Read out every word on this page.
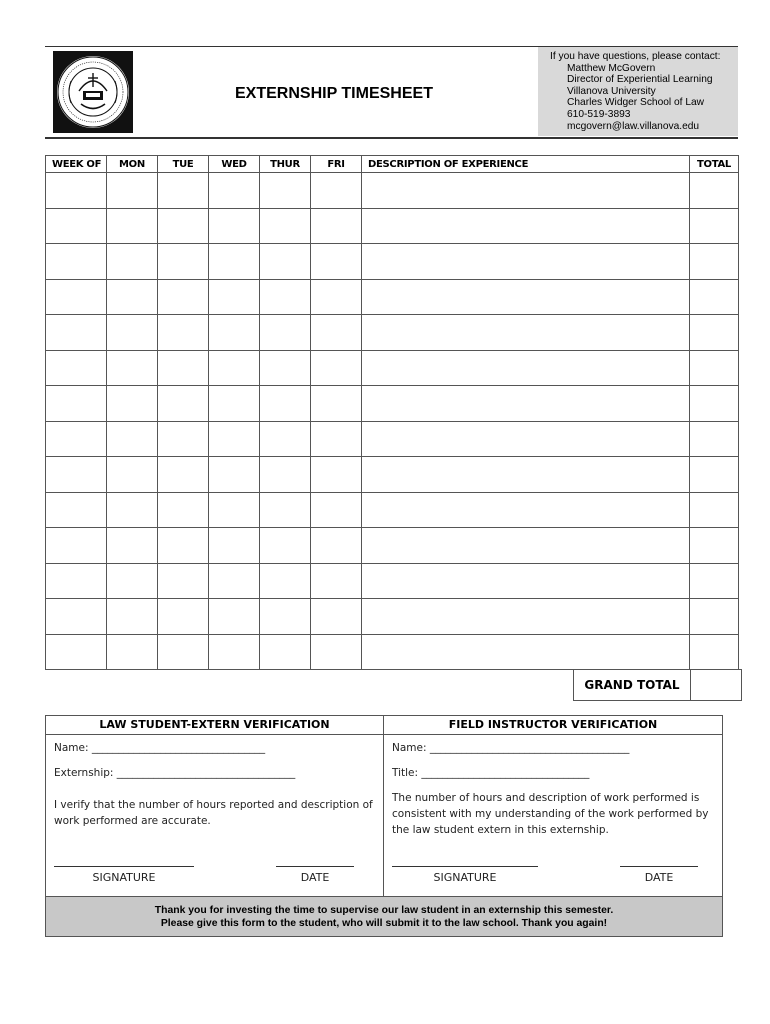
EXTERNSHIP TIMESHEET
If you have questions, please contact:
Matthew McGovern
Director of Experiential Learning
Villanova University
Charles Widger School of Law
610-519-3893
mcgovern@law.villanova.edu
WEEK OF	MON	TUE	WED	THUR	FRI	DESCRIPTION OF EXPERIENCE	TOTAL

GRAND TOTAL	
LAW STUDENT-EXTERN VERIFICATION
Name: _________________________________
Externship: __________________________________
I verify that the number of hours reported and description of work performed are accurate.
SIGNATURE	DATE
FIELD INSTRUCTOR VERIFICATION
Name: ______________________________________
Title: ________________________________
The number of hours and description of work performed is consistent with my understanding of the work performed by the law student extern in this externship.
SIGNATURE	DATE
Thank you for investing the time to supervise our law student in an externship this semester.
Please give this form to the student, who will submit it to the law school. Thank you again!
